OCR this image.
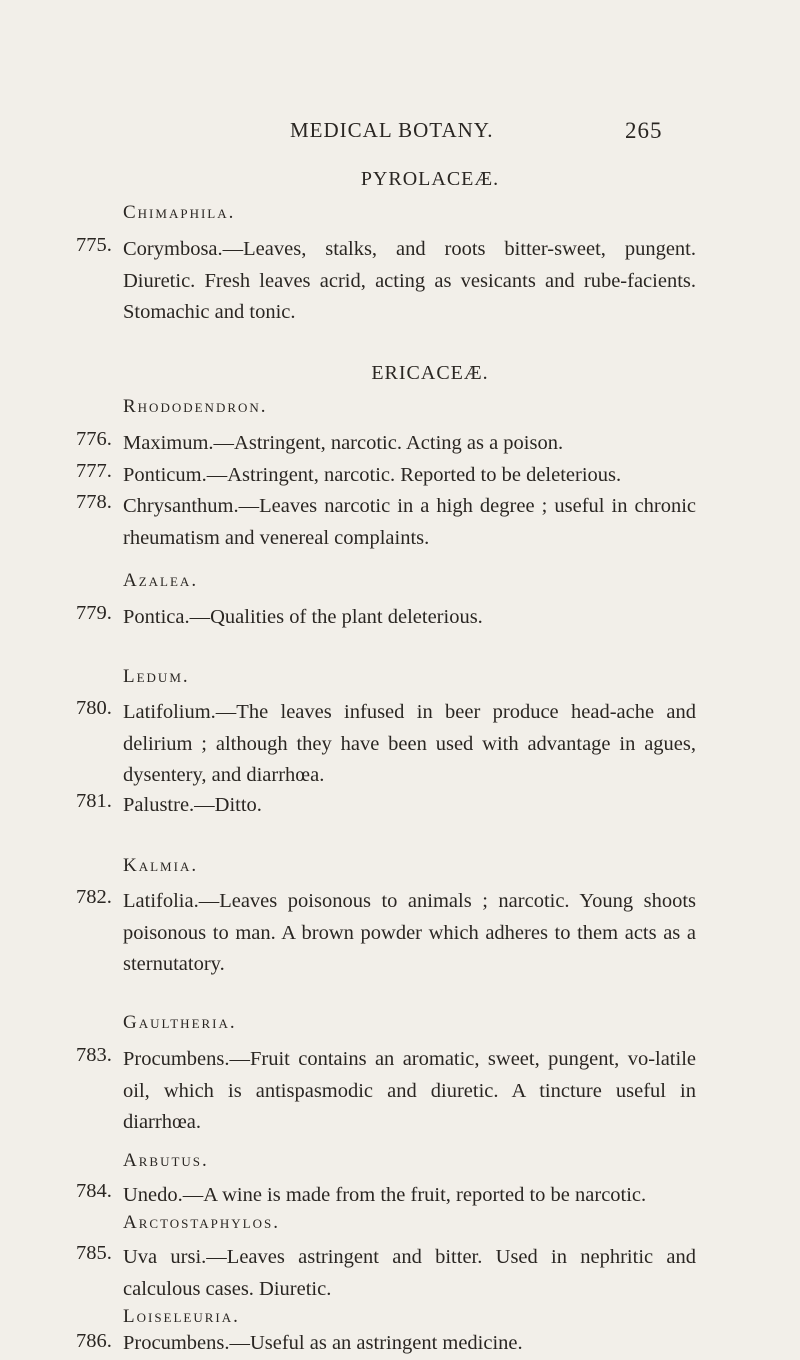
MEDICAL BOTANY.	265
PYROLACEÆ.
Chimaphila.
775. Corymbosa.—Leaves, stalks, and roots bitter-sweet, pungent. Diuretic. Fresh leaves acrid, acting as vesicants and rube-facients. Stomachic and tonic.
ERICACEÆ.
Rhododendron.
776. Maximum.—Astringent, narcotic. Acting as a poison.
777. Ponticum.—Astringent, narcotic. Reported to be deleterious.
778. Chrysanthum.—Leaves narcotic in a high degree ; useful in chronic rheumatism and venereal complaints.
Azalea.
779. Pontica.—Qualities of the plant deleterious.
Ledum.
780. Latifolium.—The leaves infused in beer produce head-ache and delirium ; although they have been used with advantage in agues, dysentery, and diarrhœa.
781. Palustre.—Ditto.
Kalmia.
782. Latifolia.—Leaves poisonous to animals ; narcotic. Young shoots poisonous to man. A brown powder which adheres to them acts as a sternutatory.
Gaultheria.
783. Procumbens.—Fruit contains an aromatic, sweet, pungent, vo-latile oil, which is antispasmodic and diuretic. A tincture useful in diarrhœa.
Arbutus.
784. Unedo.—A wine is made from the fruit, reported to be narcotic.
Arctostaphylos.
785. Uva ursi.—Leaves astringent and bitter. Used in nephritic and calculous cases. Diuretic.
Loiseleuria.
786. Procumbens.—Useful as an astringent medicine.
